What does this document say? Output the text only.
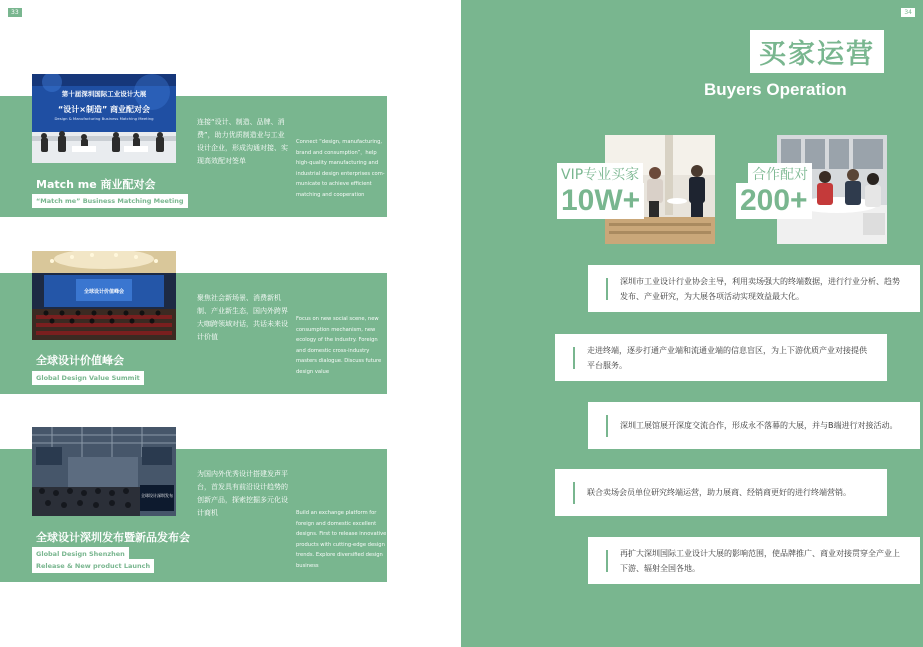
33
第十届深圳国际工业设计大展
“设计×制造” 商业配对会
Design & Manufacturing Business Matching Meeting
Match me 商业配对会
“Match me” Business Matching Meeting
连接“设计、制造、品牌、消费”，助力优质制造业与工业设计企业，形成沟通对接、实现高效配对签单
Connect “design, manufacturing, brand and consumption”，help high-quality manufacturing and industrial design enterprises com-municate to achieve efficient matching and cooperation
全球设计价值峰会
全球设计价值峰会
Global Design Value Summit
聚焦社会新场景、消费新机制、产业新生态，国内外跨界大咖跨领域对话，共话未来设计价值
Focus on new social scene, new consumption mechanism, new ecology of the industry. Foreign and domestic cross-industry masters dialogue. Discuss future design value
全球设计深圳发布
全球设计深圳发布暨新品发布会
Global Design Shenzhen
Release & New product Launch
为国内外优秀设计搭建发声平台，首发具有前沿设计趋势的创新产品，探索挖掘多元化设计商机	Build an exchange platform for foreign and domestic excellent designs. First to release innovative products with cutting-edge design trends. Explore diversified design business
34
买家运营
Buyers Operation
VIP专业买家
10W+
合作配对
200+

深圳市工业设计行业协会主导，利用卖场强大的终端数据，进行行业分析、趋势发布、产业研究，为大展各项活动实现效益最大化。

走进终端，逐步打通产业端和流通业端的信息盲区，为上下游优质产业对接提供平台服务。

深圳工展馆展开深度交流合作，形成永不落幕的大展，并与B端进行对接活动。

联合卖场会员单位研究终端运营，助力展商、经销商更好的进行终端营销。

再扩大深圳国际工业设计大展的影响范围，使品牌推广、商业对接贯穿全产业上下游、辐射全国各地。
